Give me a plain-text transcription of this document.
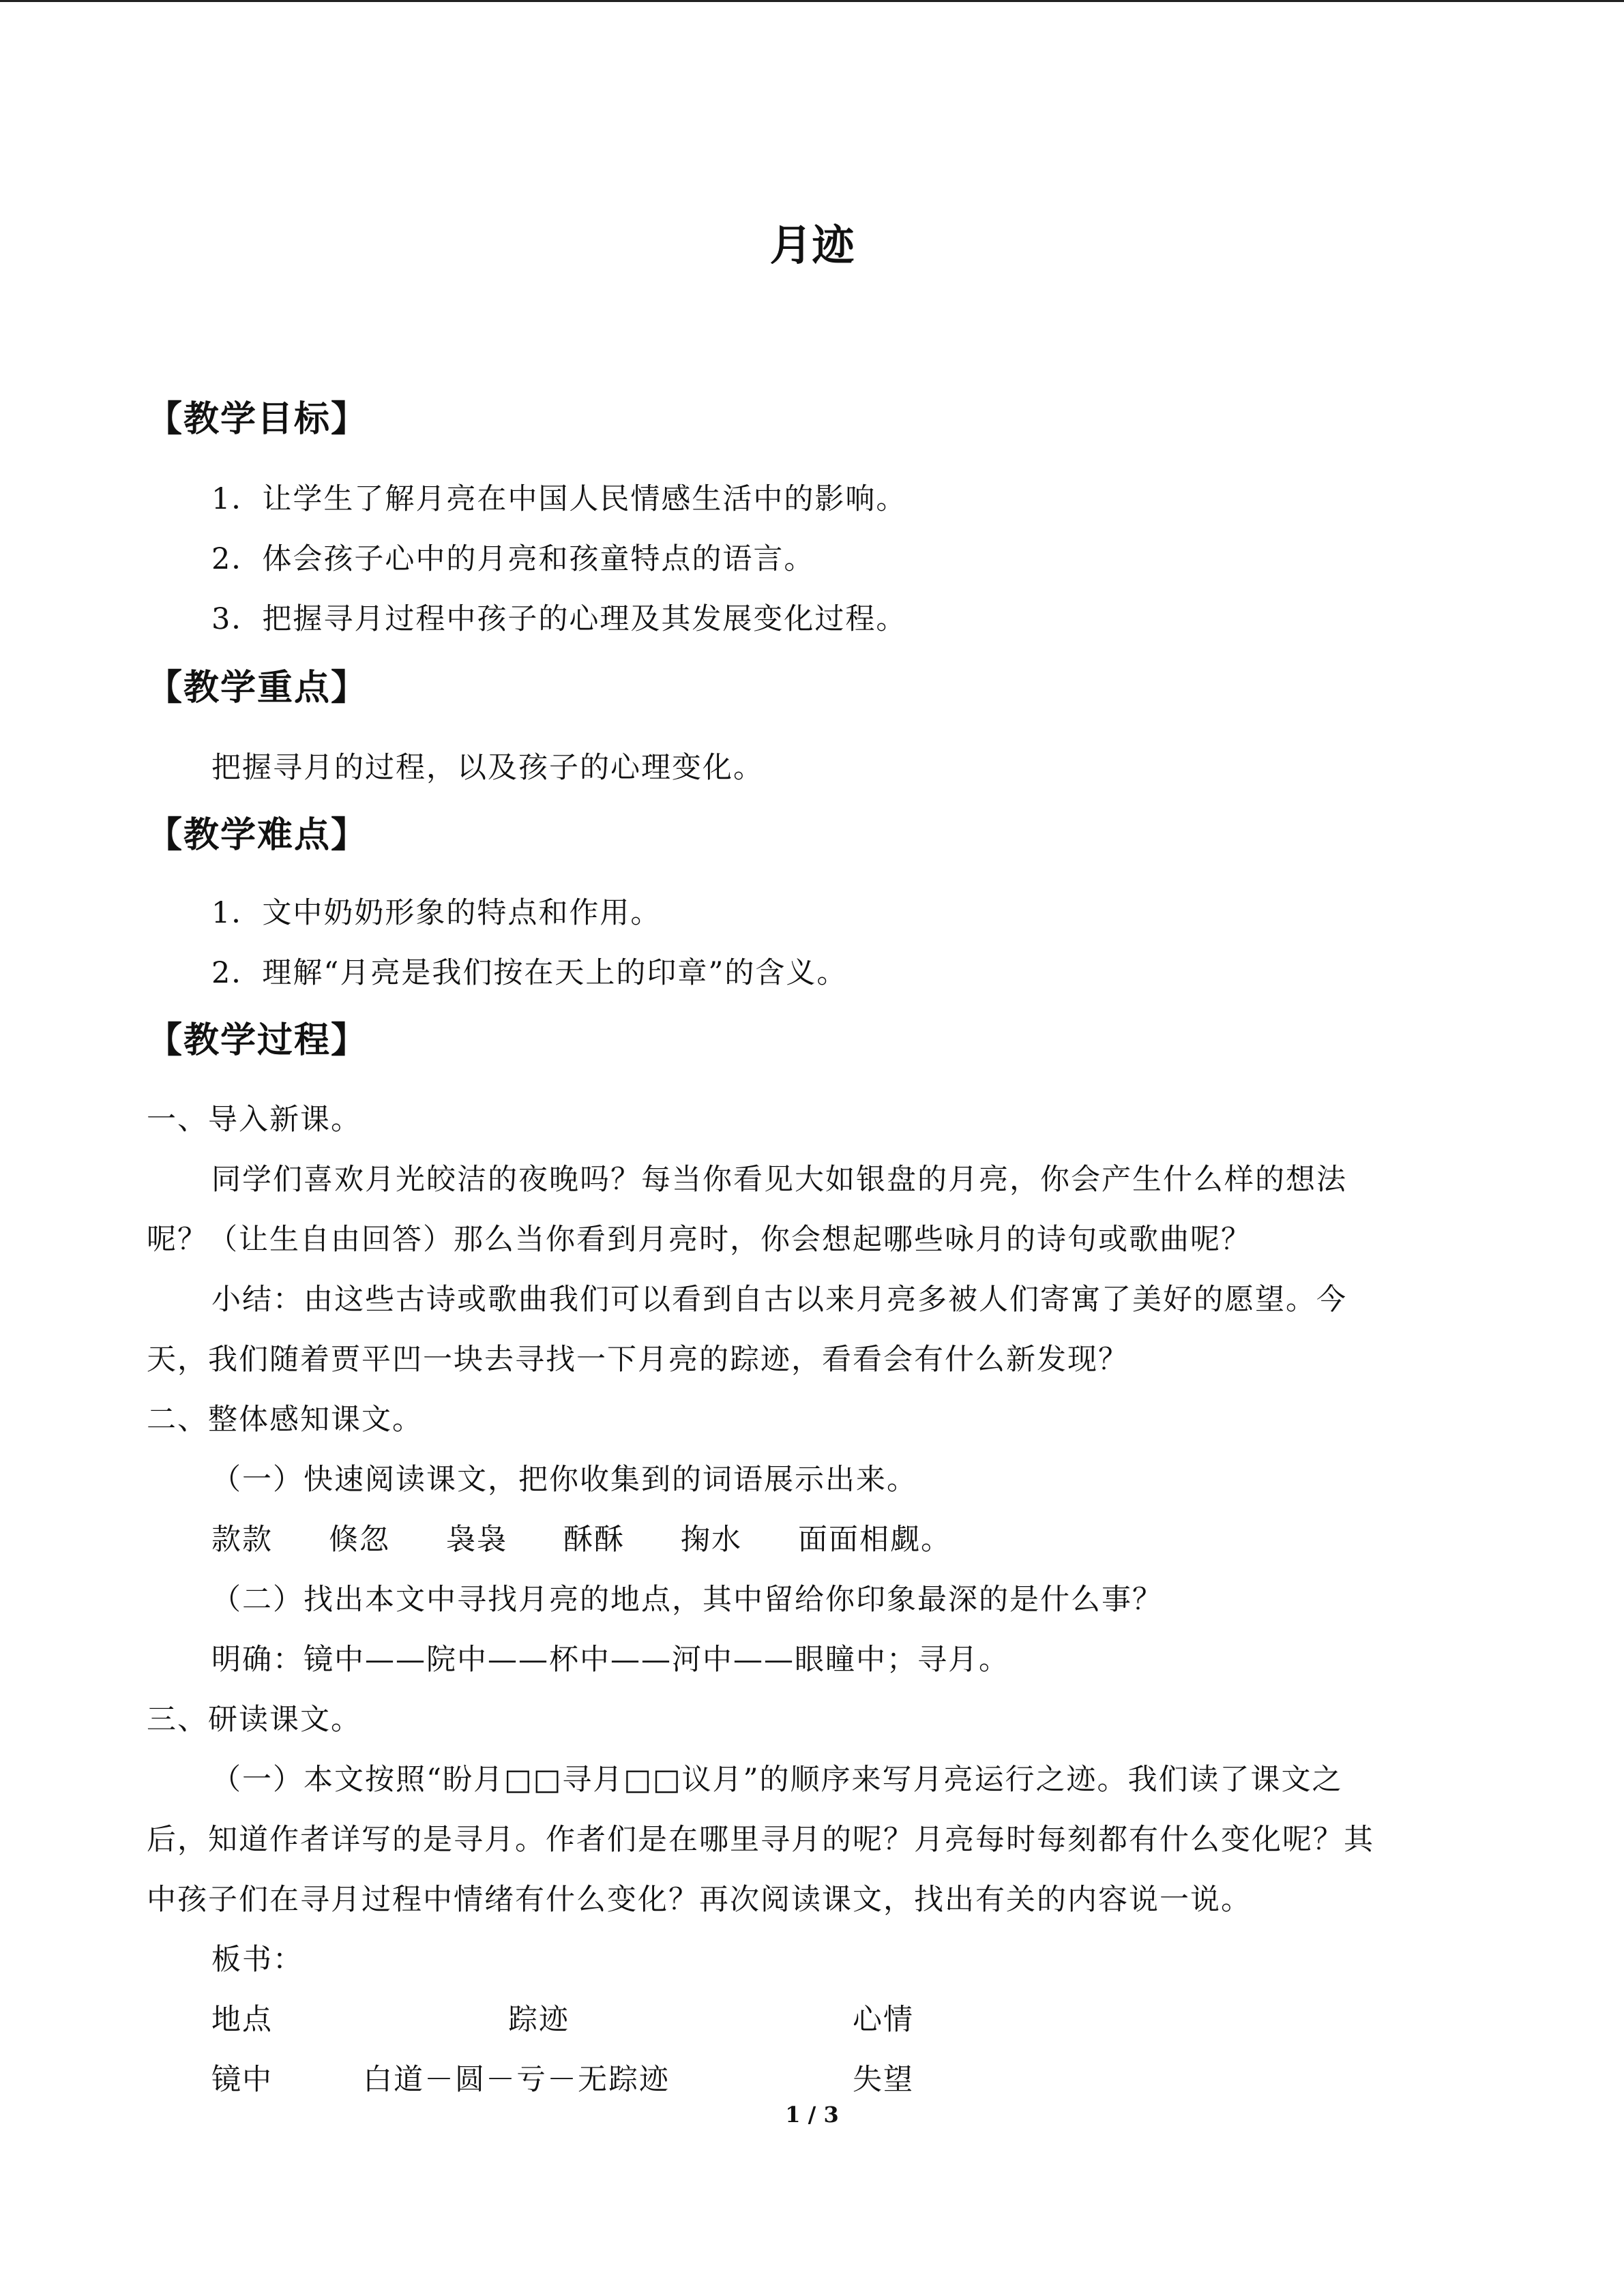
月迹
【教学目标】
1．让学生了解月亮在中国人民情感生活中的影响。
2．体会孩子心中的月亮和孩童特点的语言。
3．把握寻月过程中孩子的心理及其发展变化过程。
【教学重点】
把握寻月的过程，以及孩子的心理变化。
【教学难点】
1．文中奶奶形象的特点和作用。
2．理解“月亮是我们按在天上的印章”的含义。
【教学过程】
一、导入新课。
同学们喜欢月光皎洁的夜晚吗？每当你看见大如银盘的月亮，你会产生什么样的想法
呢？（让生自由回答）那么当你看到月亮时，你会想起哪些咏月的诗句或歌曲呢？
小结：由这些古诗或歌曲我们可以看到自古以来月亮多被人们寄寓了美好的愿望。今
天，我们随着贾平凹一块去寻找一下月亮的踪迹，看看会有什么新发现？
二、整体感知课文。
（一）快速阅读课文，把你收集到的词语展示出来。
款款 倏忽 袅袅 酥酥 掬水 面面相觑。
（二）找出本文中寻找月亮的地点，其中留给你印象最深的是什么事？
明确：镜中——院中——杯中——河中——眼瞳中；寻月。
三、研读课文。
（一）本文按照“盼月□□寻月□□议月”的顺序来写月亮运行之迹。我们读了课文之
后，知道作者详写的是寻月。作者们是在哪里寻月的呢？月亮每时每刻都有什么变化呢？其
中孩子们在寻月过程中情绪有什么变化？再次阅读课文，找出有关的内容说一说。
板书：
地点	踪迹	心情
镜中	白道－圆－亏－无踪迹	失望
1 / 3
